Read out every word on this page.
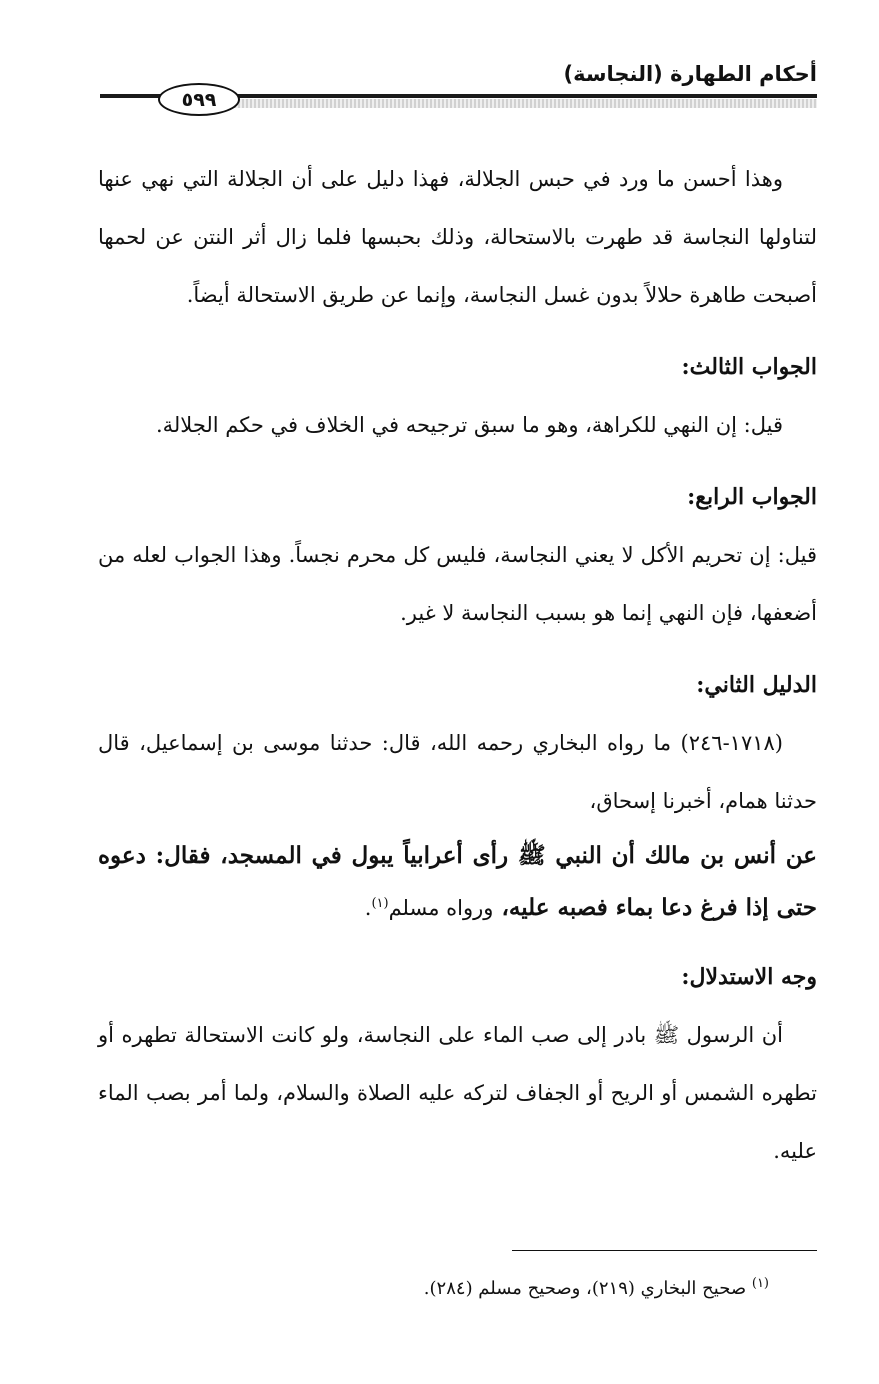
أحكام الطهارة (النجاسة)
٥٩٩

وهذا أحسن ما ورد في حبس الجلالة، فهذا دليل على أن الجلالة التي نهي عنها لتناولها النجاسة قد طهرت بالاستحالة، وذلك بحبسها فلما زال أثر النتن عن لحمها أصبحت طاهرة حلالاً بدون غسل النجاسة، وإنما عن طريق الاستحالة أيضاً.

الجواب الثالث:

قيل: إن النهي للكراهة، وهو ما سبق ترجيحه في الخلاف في حكم الجلالة.

الجواب الرابع:

قيل: إن تحريم الأكل لا يعني النجاسة، فليس كل محرم نجساً. وهذا الجواب لعله من أضعفها، فإن النهي إنما هو بسبب النجاسة لا غير.

الدليل الثاني:

(١٧١٨-٢٤٦) ما رواه البخاري رحمه الله، قال: حدثنا موسى بن إسماعيل، قال حدثنا همام، أخبرنا إسحاق،

عن أنس بن مالك أن النبي ﷺ رأى أعرابياً يبول في المسجد، فقال: دعوه حتى إذا فرغ دعا بماء فصبه عليه، ورواه مسلم$^{(١)}$.

وجه الاستدلال:

أن الرسول ﷺ بادر إلى صب الماء على النجاسة، ولو كانت الاستحالة تطهره أو تطهره الشمس أو الريح أو الجفاف لتركه عليه الصلاة والسلام، ولما أمر بصب الماء عليه.

$^{(١)}$ صحيح البخاري (٢١٩)، وصحيح مسلم (٢٨٤).
